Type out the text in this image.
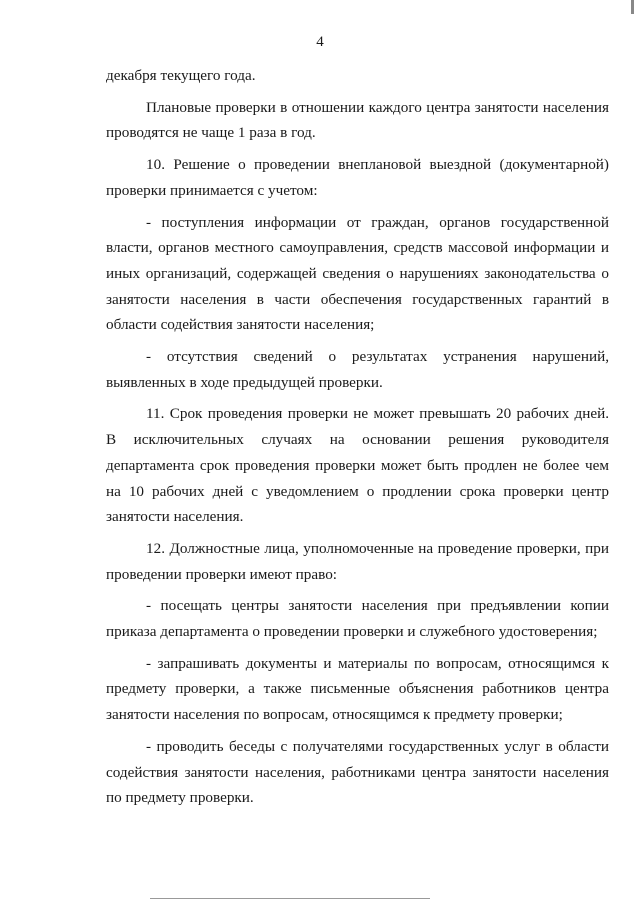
4

декабря текущего года.

Плановые проверки в отношении каждого центра занятости населения проводятся не чаще 1 раза в год.

10. Решение о проведении внеплановой выездной (документарной) проверки принимается с учетом:

- поступления информации от граждан, органов государственной власти, органов местного самоуправления, средств массовой информации и иных организаций, содержащей сведения о нарушениях законодательства о занятости населения в части обеспечения государственных гарантий в области содействия занятости населения;

- отсутствия сведений о результатах устранения нарушений, выявленных в ходе предыдущей проверки.

11. Срок проведения проверки не может превышать 20 рабочих дней. В исключительных случаях на основании решения руководителя департамента срок проведения проверки может быть продлен не более чем на 10 рабочих дней с уведомлением о продлении срока проверки центр занятости населения.

12. Должностные лица, уполномоченные на проведение проверки, при проведении проверки имеют право:

- посещать центры занятости населения при предъявлении копии приказа департамента о проведении проверки и служебного удостоверения;

- запрашивать документы и материалы по вопросам, относящимся к предмету проверки, а также письменные объяснения работников центра занятости населения по вопросам, относящимся к предмету проверки;

- проводить беседы с получателями государственных услуг в области содействия занятости населения, работниками центра занятости населения по предмету проверки.
